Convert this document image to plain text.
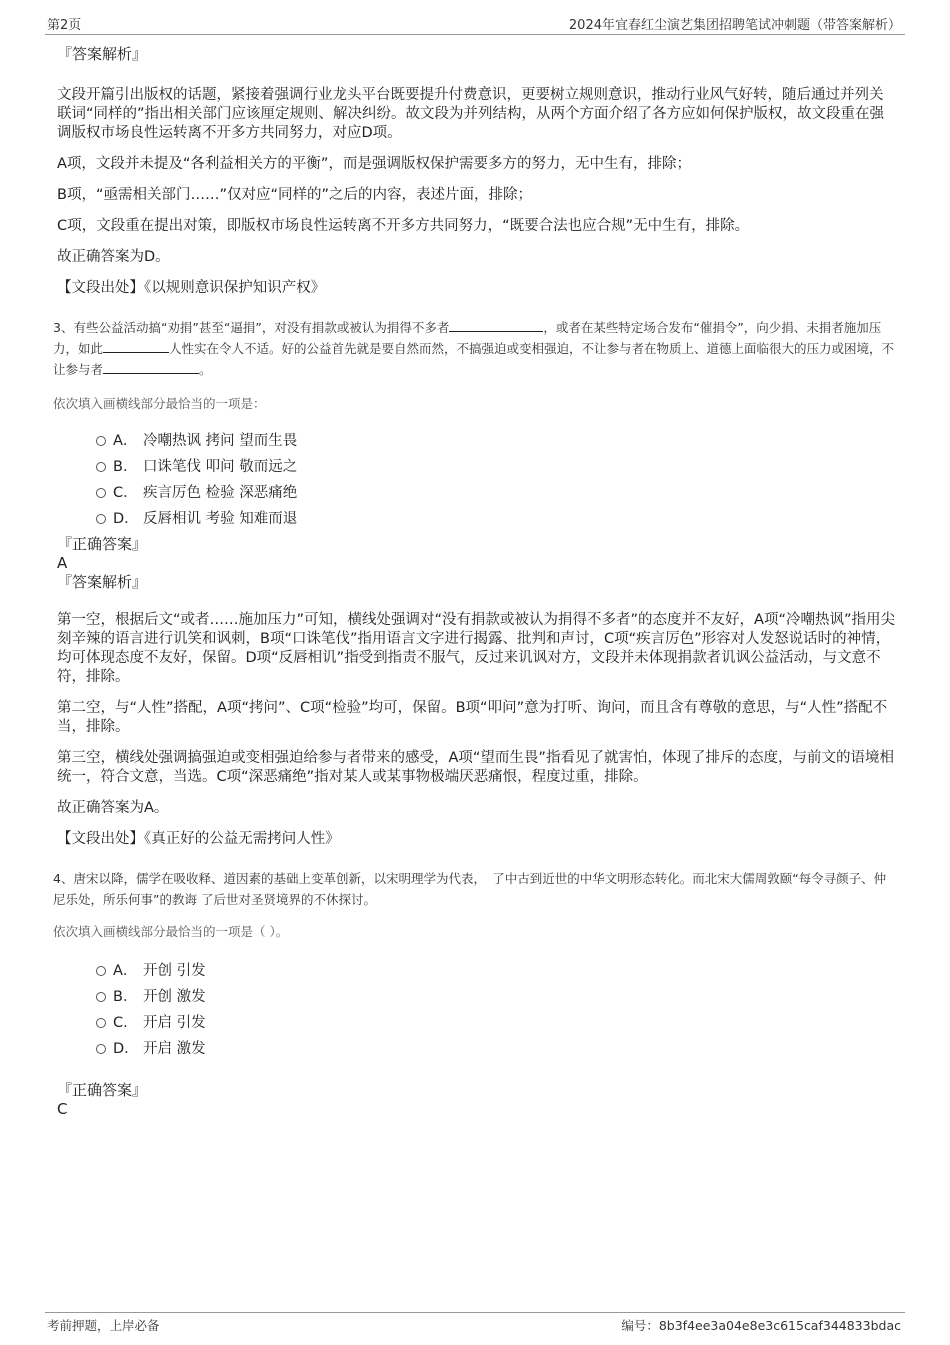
第2页	2024年宜春红尘演艺集团招聘笔试冲刺题（带答案解析）
『答案解析』

文段开篇引出版权的话题，紧接着强调行业龙头平台既要提升付费意识，更要树立规则意识，推动行业风气好转，随后通过并列关联词“同样的”指出相关部门应该厘定规则、解决纠纷。故文段为并列结构，从两个方面介绍了各方应如何保护版权，故文段重在强调版权市场良性运转离不开多方共同努力，对应D项。

A项，文段并未提及“各利益相关方的平衡”，而是强调版权保护需要多方的努力，无中生有，排除；

B项，“亟需相关部门……”仅对应“同样的”之后的内容，表述片面，排除；

C项，文段重在提出对策，即版权市场良性运转离不开多方共同努力，“既要合法也应合规”无中生有，排除。

故正确答案为D。

【文段出处】《以规则意识保护知识产权》

3、有些公益活动搞“劝捐”甚至“逼捐”，对没有捐款或被认为捐得不多者	，或者在某些特定场合发布“催捐令”，向少捐、未捐者施加压力，如此	人性实在令人不适。好的公益首先就是要自然而然，不搞强迫或变相强迫，不让参与者在物质上、道德上面临很大的压力或困境，不让参与者	。
依次填入画横线部分最恰当的一项是：
A． 冷嘲热讽 拷问 望而生畏
B． 口诛笔伐 叩问 敬而远之
C． 疾言厉色 检验 深恶痛绝
D． 反唇相讥 考验 知难而退
『正确答案』
A
『答案解析』

第一空，根据后文“或者……施加压力”可知，横线处强调对“没有捐款或被认为捐得不多者”的态度并不友好，A项“冷嘲热讽”指用尖刻辛辣的语言进行讥笑和讽刺，B项“口诛笔伐”指用语言文字进行揭露、批判和声讨，C项“疾言厉色”形容对人发怒说话时的神情，均可体现态度不友好，保留。D项“反唇相讥”指受到指责不服气，反过来讥讽对方，文段并未体现捐款者讥讽公益活动，与文意不符，排除。

第二空，与“人性”搭配，A项“拷问”、C项“检验”均可，保留。B项“叩问”意为打听、询问，而且含有尊敬的意思，与“人性”搭配不当，排除。

第三空，横线处强调搞强迫或变相强迫给参与者带来的感受，A项“望而生畏”指看见了就害怕，体现了排斥的态度，与前文的语境相统一，符合文意，当选。C项“深恶痛绝”指对某人或某事物极端厌恶痛恨，程度过重，排除。

故正确答案为A。

【文段出处】《真正好的公益无需拷问人性》

4、唐宋以降，儒学在吸收释、道因素的基础上变革创新，以宋明理学为代表，　了中古到近世的中华文明形态转化。而北宋大儒周敦颐“每令寻颜子、仲尼乐处，所乐何事”的教诲 了后世对圣贤境界的不休探讨。
依次填入画横线部分最恰当的一项是（ ）。
A． 开创 引发
B． 开创 激发
C． 开启 引发
D． 开启 激发
『正确答案』
C
考前押题，上岸必备	编号：8b3f4ee3a04e8e3c615caf344833bdac
